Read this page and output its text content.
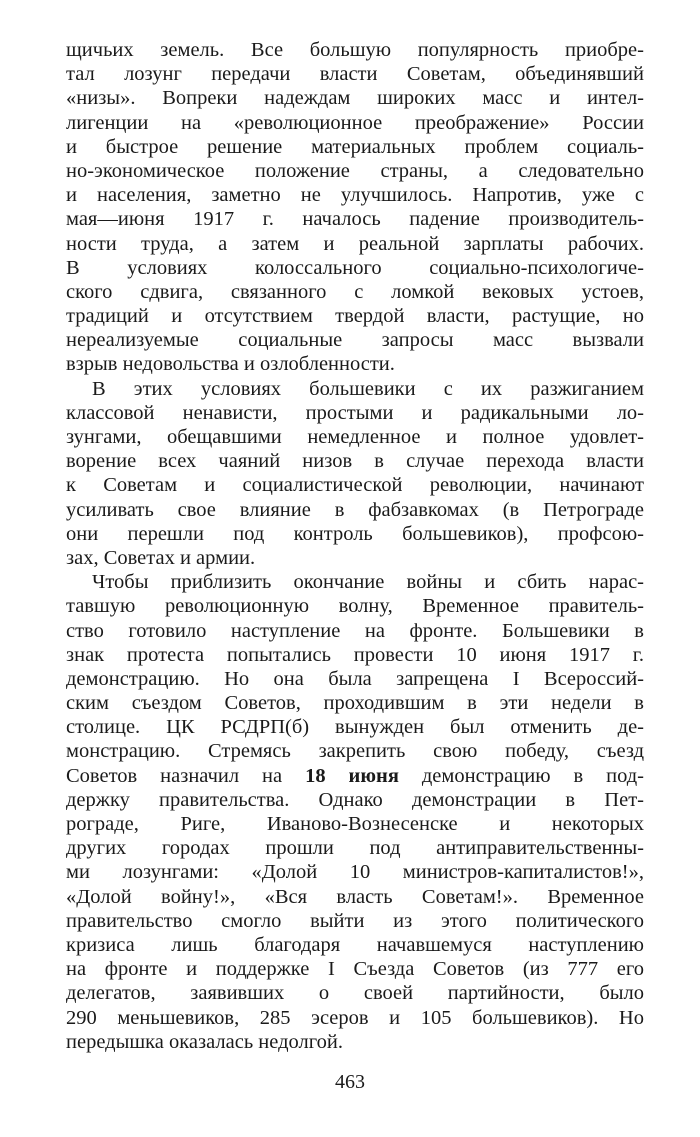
щичьих земель. Все большую популярность приобре-
тал лозунг передачи власти Советам, объединявший
«низы». Вопреки надеждам широких масс и интел-
лигенции на «революционное преображение» России
и быстрое решение материальных проблем социаль-
но-экономическое положение страны, а следовательно
и населения, заметно не улучшилось. Напротив, уже с
мая—июня 1917 г. началось падение производитель-
ности труда, а затем и реальной зарплаты рабочих.
В условиях колоссального социально-психологиче-
ского сдвига, связанного с ломкой вековых устоев,
традиций и отсутствием твердой власти, растущие, но
нереализуемые социальные запросы масс вызвали
взрыв недовольства и озлобленности.
В этих условиях большевики с их разжиганием
классовой ненависти, простыми и радикальными ло-
зунгами, обещавшими немедленное и полное удовлет-
ворение всех чаяний низов в случае перехода власти
к Советам и социалистической революции, начинают
усиливать свое влияние в фабзавкомах (в Петрограде
они перешли под контроль большевиков), профсою-
зах, Советах и армии.
Чтобы приблизить окончание войны и сбить нарас-
тавшую революционную волну, Временное правитель-
ство готовило наступление на фронте. Большевики в
знак протеста попытались провести 10 июня 1917 г.
демонстрацию. Но она была запрещена I Всероссий-
ским съездом Советов, проходившим в эти недели в
столице. ЦК РСДРП(б) вынужден был отменить де-
монстрацию. Стремясь закрепить свою победу, съезд
Советов назначил на 18 июня демонстрацию в под-
держку правительства. Однако демонстрации в Пет-
рограде, Риге, Иваново-Вознесенске и некоторых
других городах прошли под антиправительственны-
ми лозунгами: «Долой 10 министров-капиталистов!»,
«Долой войну!», «Вся власть Советам!». Временное
правительство смогло выйти из этого политического
кризиса лишь благодаря начавшемуся наступлению
на фронте и поддержке I Съезда Советов (из 777 его
делегатов, заявивших о своей партийности, было
290 меньшевиков, 285 эсеров и 105 большевиков). Но
передышка оказалась недолгой.
463
